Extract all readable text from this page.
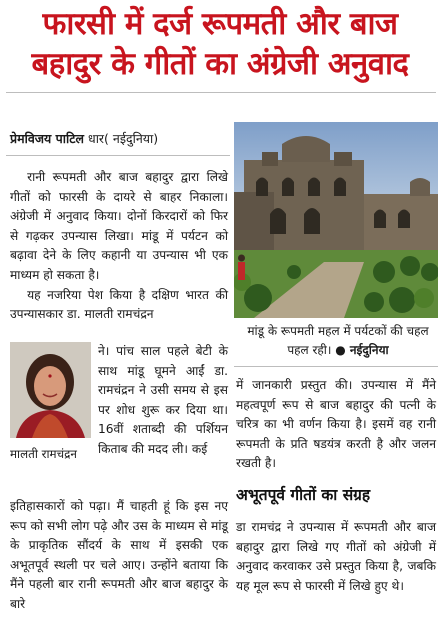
फारसी में दर्ज रूपमती और बाज
बहादुर के गीतों का अंग्रेजी अनुवाद
प्रेमविजय पाटिल धार( नईदुनिया)

रानी रूपमती और बाज बहादुर द्वारा लिखे गीतों को फारसी के दायरे से बाहर निकाला। अंग्रेजी में अनुवाद किया। दोनों किरदारों को फिर से गढ़कर उपन्यास लिखा। मांडू में पर्यटन को बढ़ावा देने के लिए कहानी या उपन्यास भी एक माध्यम हो सकता है।

यह नजरिया पेश किया है दक्षिण भारत की उपन्यासकार डा. मालती रामचंद्रन

मालती रामचंद्रन

ने। पांच साल पहले बेटी के साथ मांडू घूमने आईं डा. रामचंद्रन ने उसी समय से इस पर शोध शुरू कर दिया था। 16वीं शताब्दी की पर्शियन किताब की मदद ली। कई

इतिहासकारों को पढ़ा। मैं चाहती हूं कि इस नए रूप को सभी लोग पढ़े और उस के माध्यम से मांडू के प्राकृतिक सौंदर्य के साथ में इसकी एक अभूतपूर्व स्थली पर चले आए। उन्होंने बताया कि मैंने पहली बार रानी रूपमती और बाज बहादुर के बारे

मांडू के रूपमती महल में पर्यटकों की चहल पहल रही। ● नईदुनिया

में जानकारी प्रस्तुत की। उपन्यास में मैंने महत्वपूर्ण रूप से बाज बहादुर की पत्नी के चरित्र का भी वर्णन किया है। इसमें वह रानी रूपमती के प्रति षडयंत्र करती है और जलन रखती है।

अभूतपूर्व गीतों का संग्रह

डा रामचंद्र ने उपन्यास में रूपमती और बाज बहादुर द्वारा लिखे गए गीतों को अंग्रेजी में अनुवाद करवाकर उसे प्रस्तुत किया है, जबकि यह मूल रूप से फारसी में लिखे हुए थे।
